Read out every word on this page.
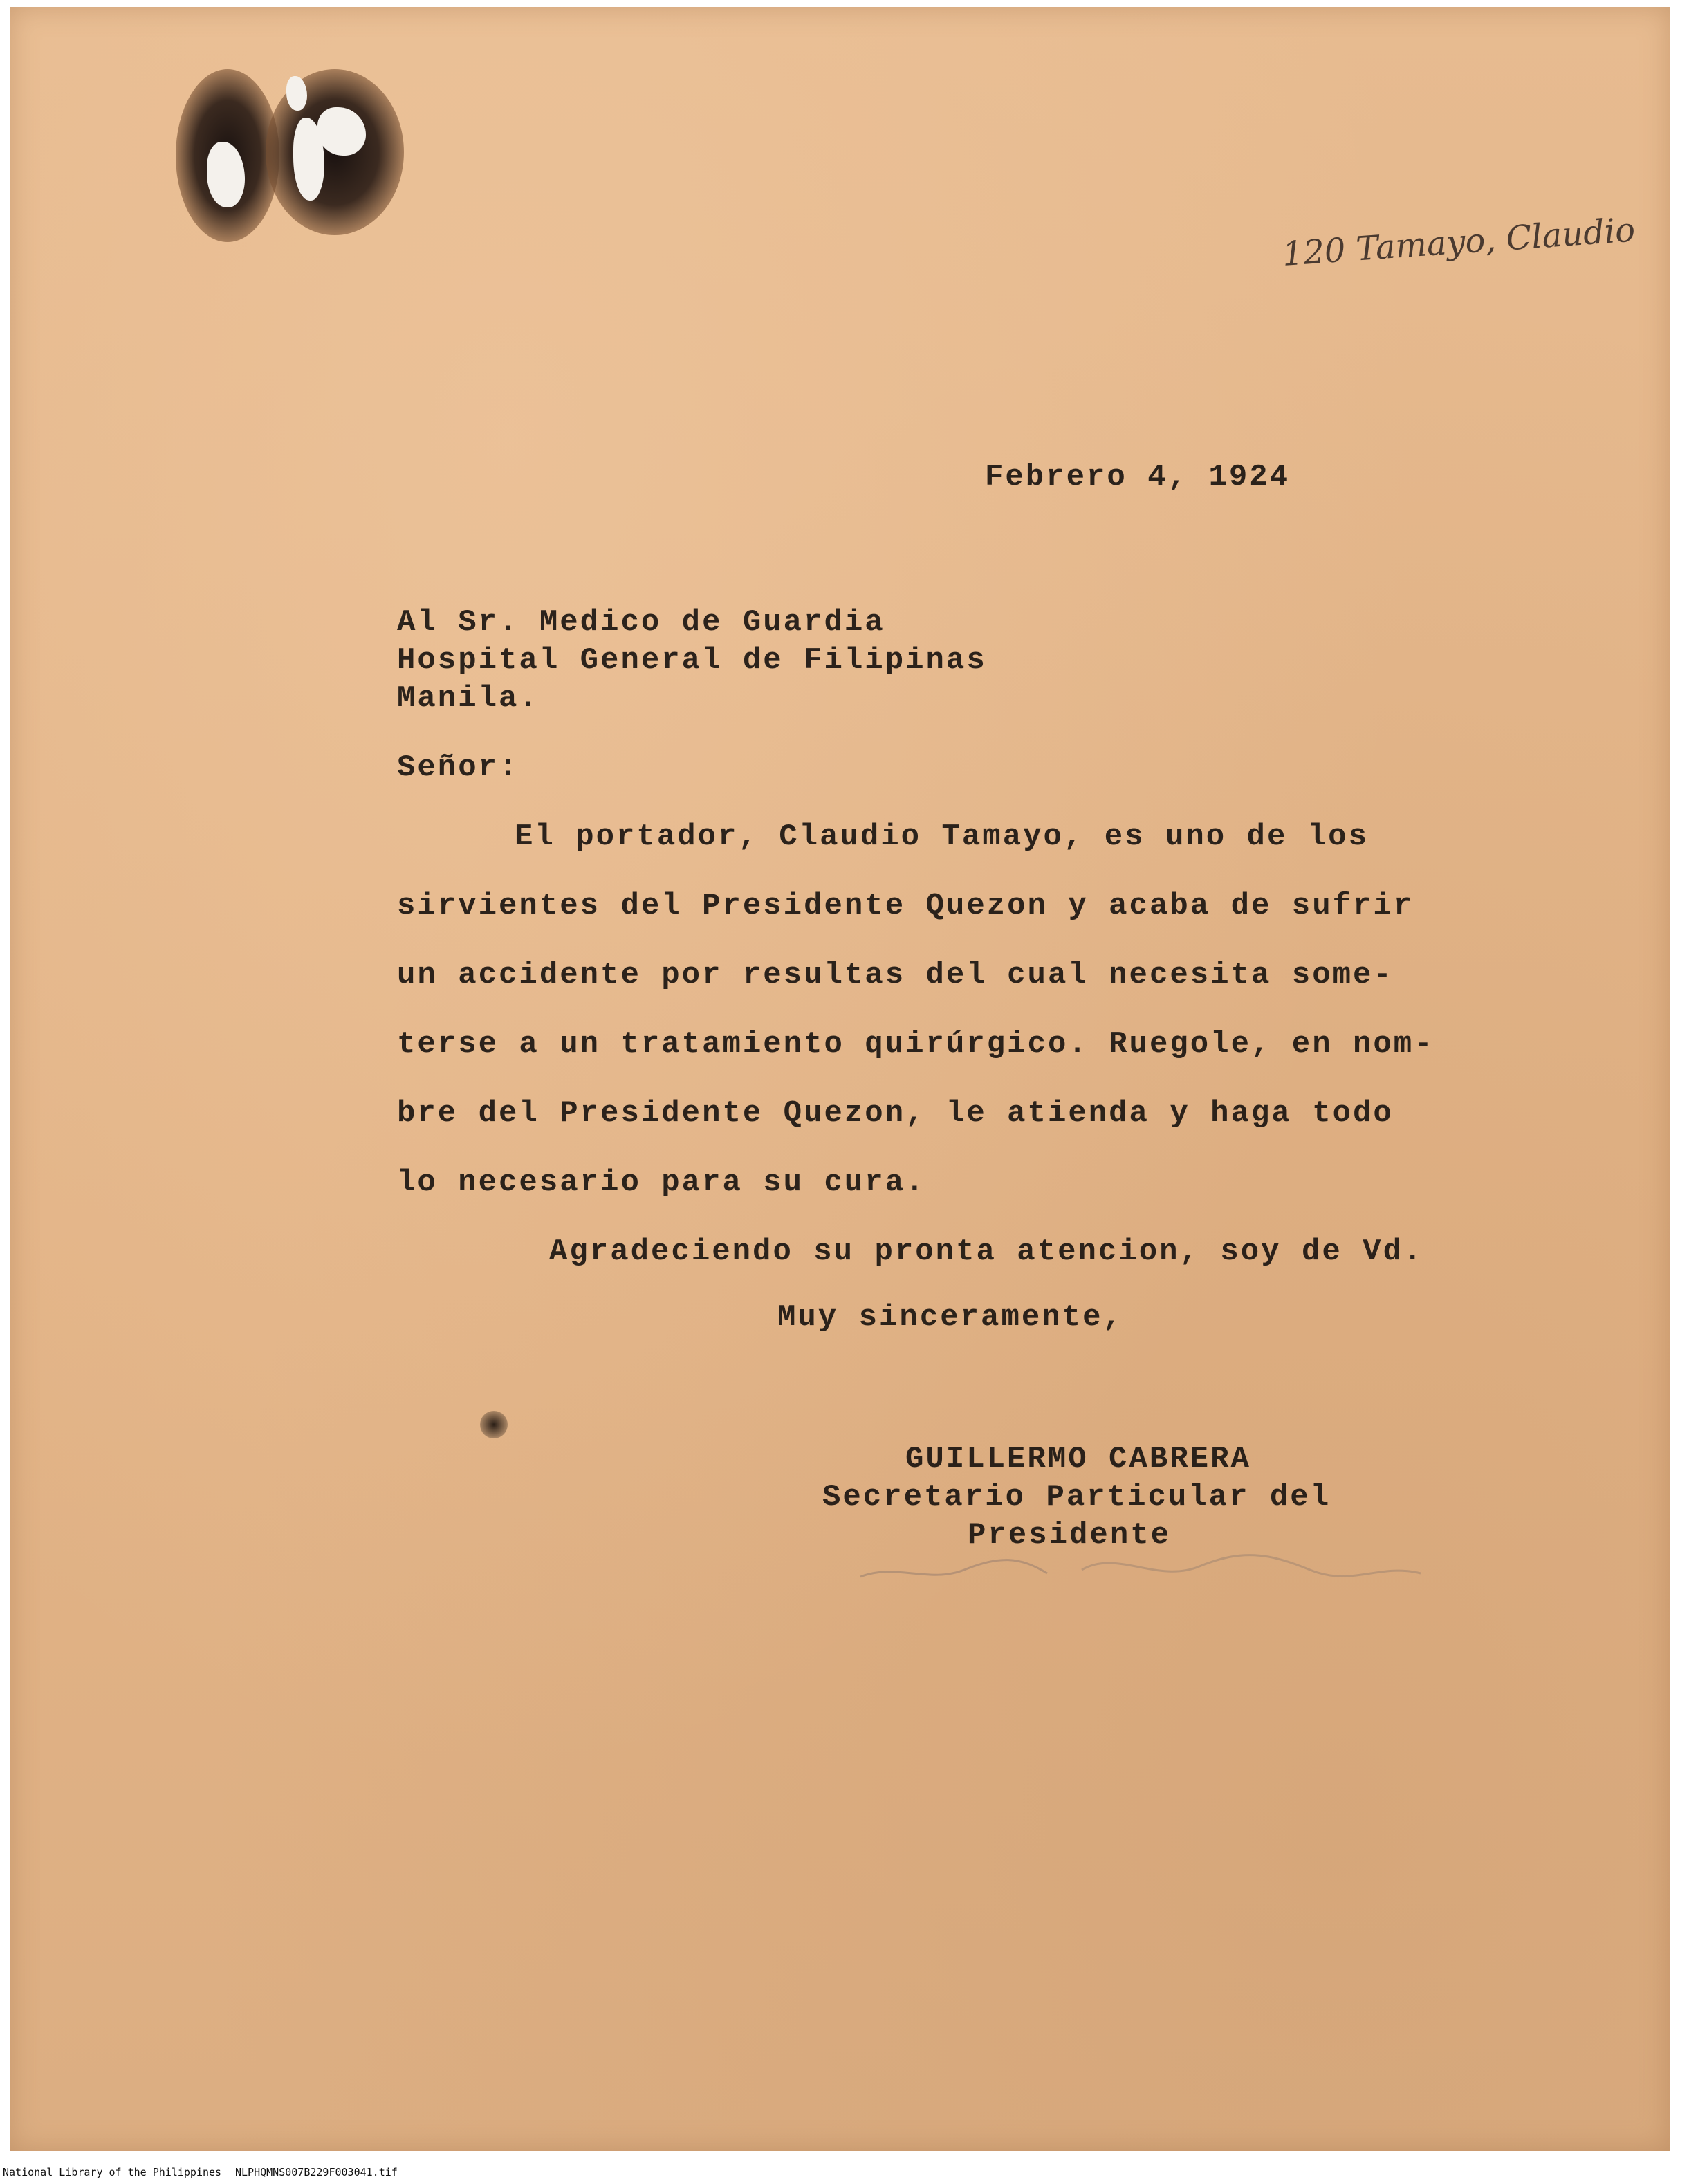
120 Tamayo, Claudio
Febrero 4, 1924
Al Sr. Medico de Guardia
Hospital General de Filipinas
Manila.
Señor:
El portador, Claudio Tamayo, es uno de los
sirvientes del Presidente Quezon y acaba de sufrir
un accidente por resultas del cual necesita some-
terse a un tratamiento quirúrgico. Ruegole, en nom-
bre del Presidente Quezon, le atienda y haga todo
lo necesario para su cura.
Agradeciendo su pronta atencion, soy de Vd.
Muy sinceramente,
GUILLERMO CABRERA
Secretario Particular del
Presidente
National Library of the Philippines NLPHQMNS007B229F003041.tif
